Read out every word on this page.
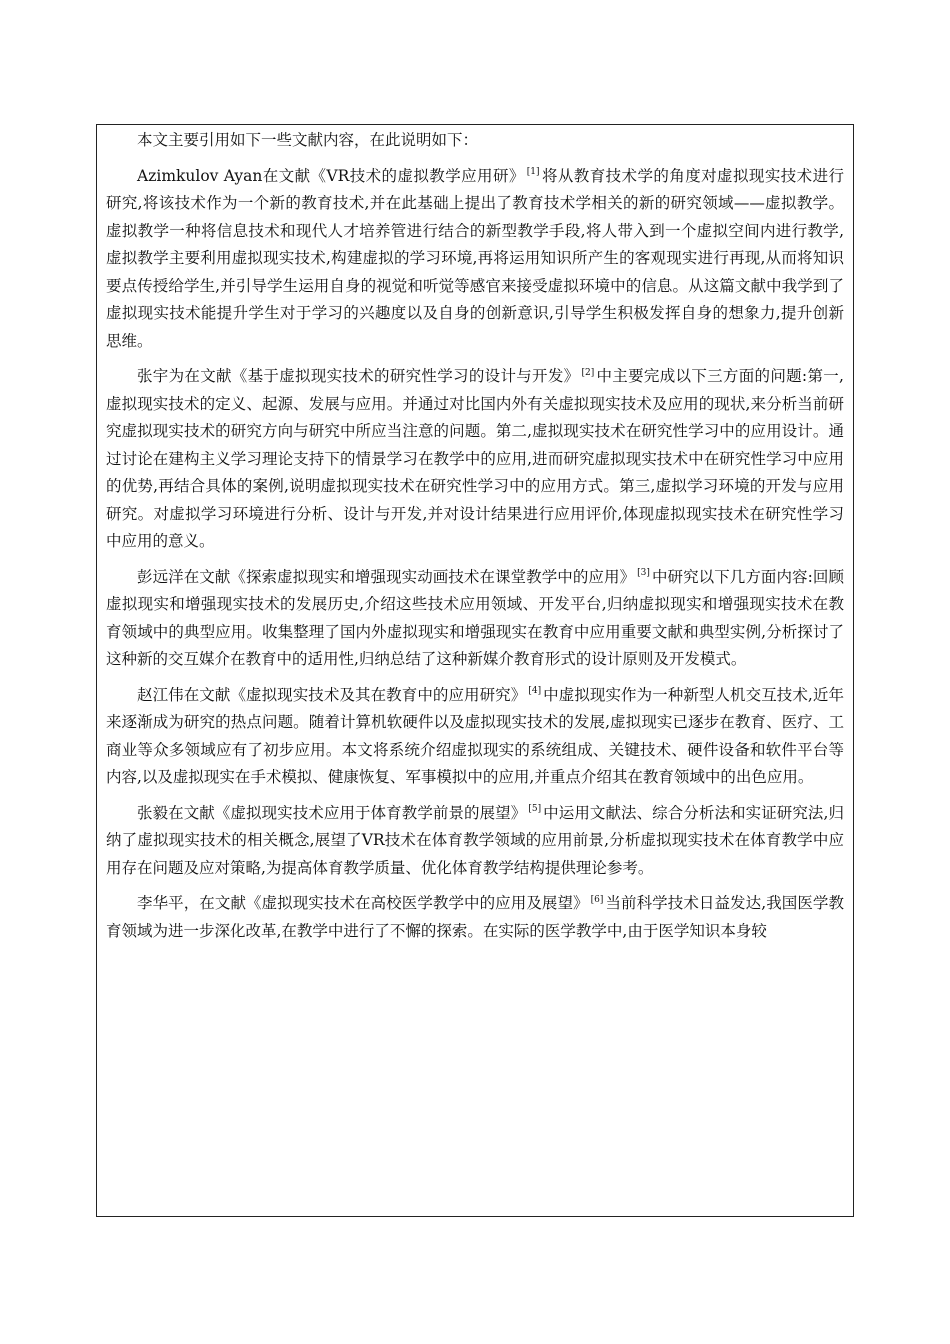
本文主要引用如下一些文献内容，在此说明如下：

Azimkulov Ayan在文献《VR技术的虚拟教学应用研》 [1] 将从教育技术学的角度对虚拟现实技术进行研究,将该技术作为一个新的教育技术,并在此基础上提出了教育技术学相关的新的研究领域——虚拟教学。虚拟教学一种将信息技术和现代人才培养管进行结合的新型教学手段,将人带入到一个虚拟空间内进行教学,虚拟教学主要利用虚拟现实技术,构建虚拟的学习环境,再将运用知识所产生的客观现实进行再现,从而将知识要点传授给学生,并引导学生运用自身的视觉和听觉等感官来接受虚拟环境中的信息。从这篇文献中我学到了虚拟现实技术能提升学生对于学习的兴趣度以及自身的创新意识,引导学生积极发挥自身的想象力,提升创新思维。

张宇为在文献《基于虚拟现实技术的研究性学习的设计与开发》 [2] 中主要完成以下三方面的问题:第一,虚拟现实技术的定义、起源、发展与应用。并通过对比国内外有关虚拟现实技术及应用的现状,来分析当前研究虚拟现实技术的研究方向与研究中所应当注意的问题。第二,虚拟现实技术在研究性学习中的应用设计。通过讨论在建构主义学习理论支持下的情景学习在教学中的应用,进而研究虚拟现实技术中在研究性学习中应用的优势,再结合具体的案例,说明虚拟现实技术在研究性学习中的应用方式。第三,虚拟学习环境的开发与应用研究。对虚拟学习环境进行分析、设计与开发,并对设计结果进行应用评价,体现虚拟现实技术在研究性学习中应用的意义。

彭远洋在文献《探索虚拟现实和增强现实动画技术在课堂教学中的应用》 [3] 中研究以下几方面内容:回顾虚拟现实和增强现实技术的发展历史,介绍这些技术应用领域、开发平台,归纳虚拟现实和增强现实技术在教育领域中的典型应用。收集整理了国内外虚拟现实和增强现实在教育中应用重要文献和典型实例,分析探讨了这种新的交互媒介在教育中的适用性,归纳总结了这种新媒介教育形式的设计原则及开发模式。

赵江伟在文献《虚拟现实技术及其在教育中的应用研究》 [4] 中虚拟现实作为一种新型人机交互技术,近年来逐渐成为研究的热点问题。随着计算机软硬件以及虚拟现实技术的发展,虚拟现实已逐步在教育、医疗、工商业等众多领域应有了初步应用。本文将系统介绍虚拟现实的系统组成、关键技术、硬件设备和软件平台等内容,以及虚拟现实在手术模拟、健康恢复、军事模拟中的应用,并重点介绍其在教育领域中的出色应用。

张毅在文献《虚拟现实技术应用于体育教学前景的展望》 [5] 中运用文献法、综合分析法和实证研究法,归纳了虚拟现实技术的相关概念,展望了VR技术在体育教学领域的应用前景,分析虚拟现实技术在体育教学中应用存在问题及应对策略,为提高体育教学质量、优化体育教学结构提供理论参考。

李华平，在文献《虚拟现实技术在高校医学教学中的应用及展望》 [6] 当前科学技术日益发达,我国医学教育领域为进一步深化改革,在教学中进行了不懈的探索。在实际的医学教学中,由于医学知识本身较
